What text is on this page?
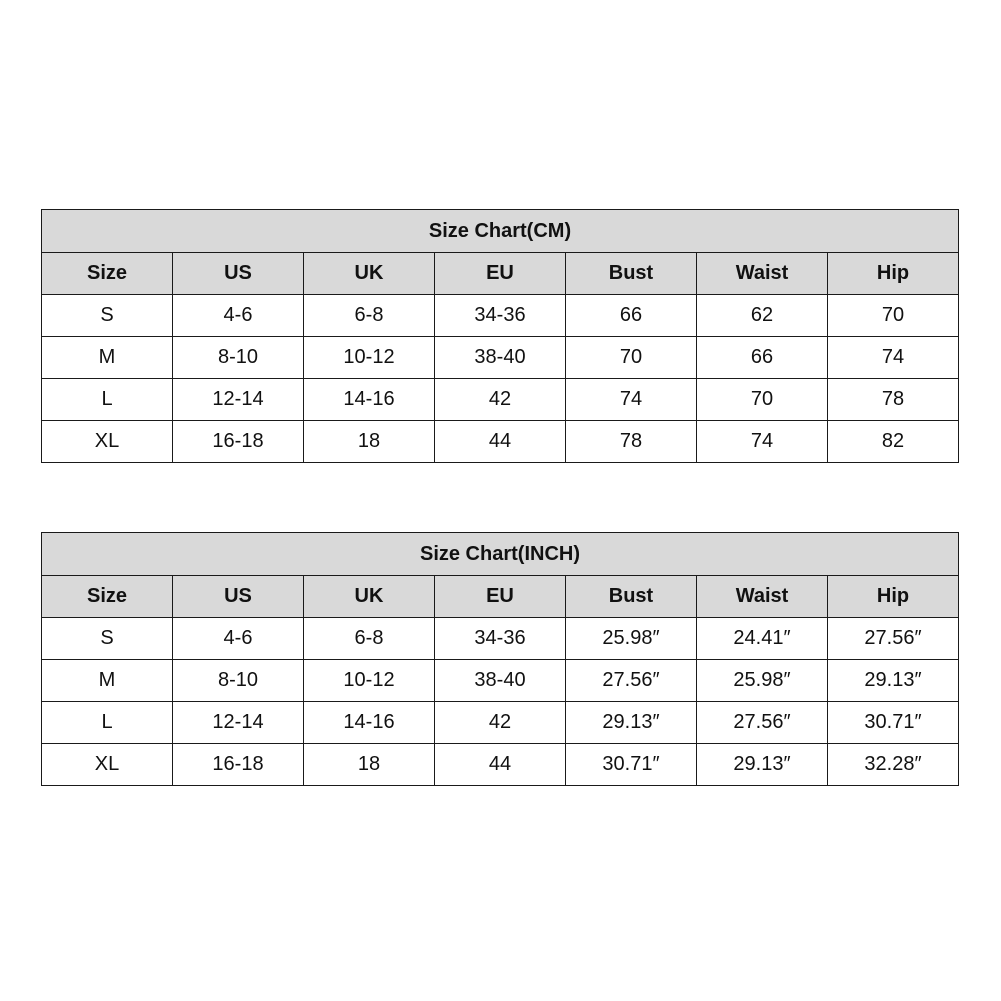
Size Chart(CM)						
Size	US	UK	EU	Bust	Waist	Hip
S	4-6	6-8	34-36	66	62	70
M	8-10	10-12	38-40	70	66	74
L	12-14	14-16	42	74	70	78
XL	16-18	18	44	78	74	82
Size Chart(INCH)						
Size	US	UK	EU	Bust	Waist	Hip
S	4-6	6-8	34-36	25.98″	24.41″	27.56″
M	8-10	10-12	38-40	27.56″	25.98″	29.13″
L	12-14	14-16	42	29.13″	27.56″	30.71″
XL	16-18	18	44	30.71″	29.13″	32.28″
